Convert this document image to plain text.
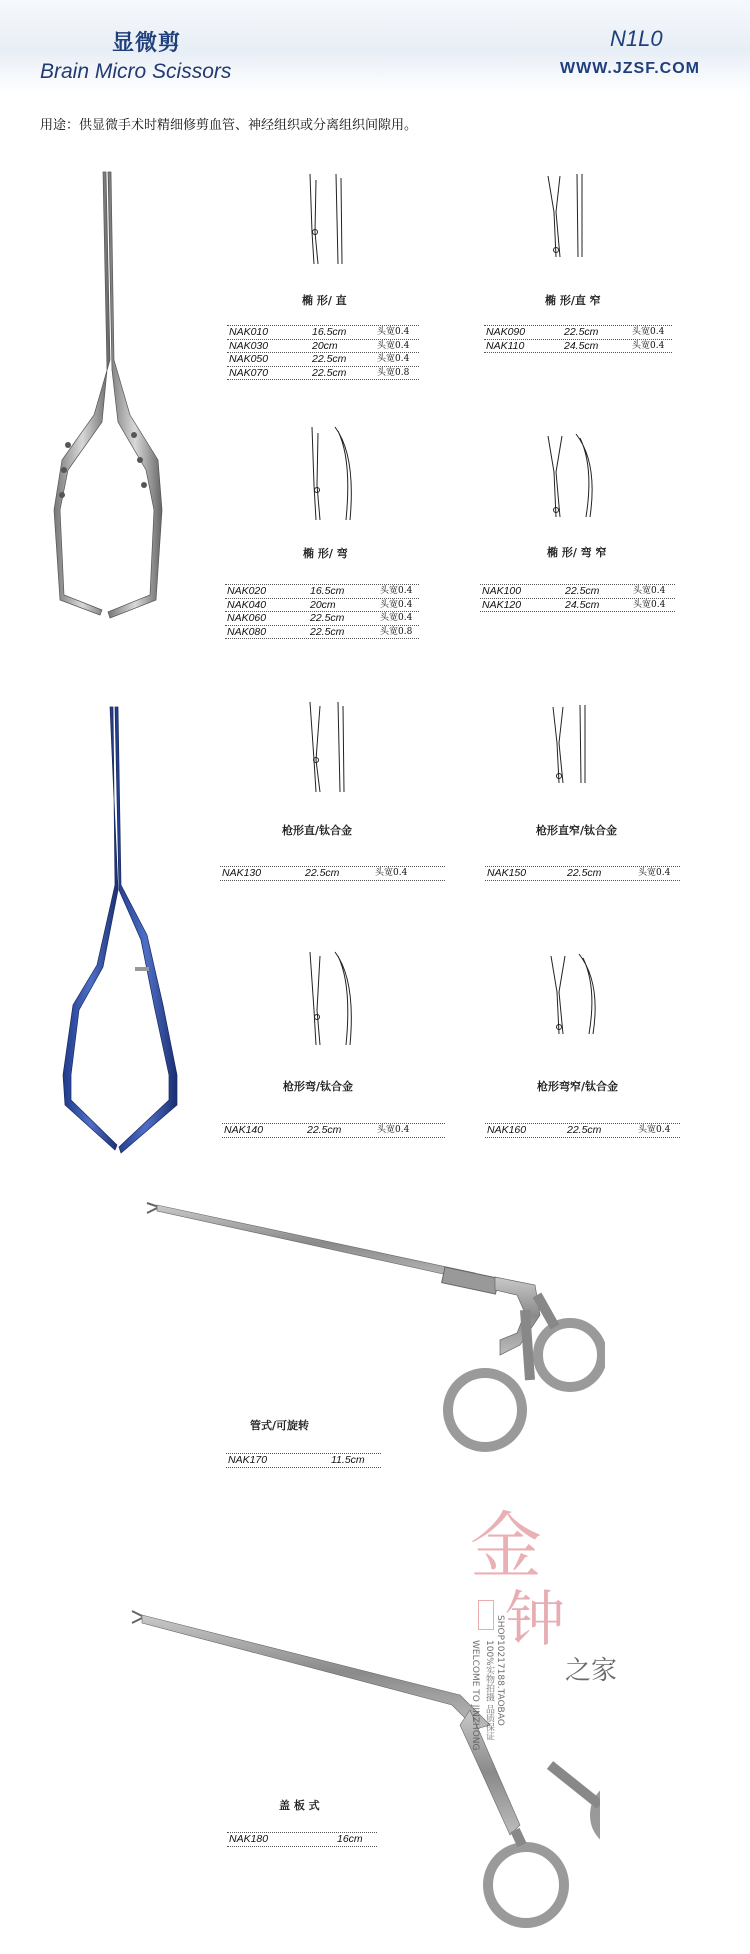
显微剪
Brain Micro Scissors
N1L0
WWW.JZSF.COM
用途：供显微手术时精细修剪血管、神经组织或分离组织间隙用。
椭 形/ 直	椭 形/直 窄
NAK010	16.5cm	头宽0.4
NAK030	20cm	头宽0.4
NAK050	22.5cm	头宽0.4
NAK070	22.5cm	头宽0.8
NAK090	22.5cm	头宽0.4
NAK110	24.5cm	头宽0.4
椭 形/ 弯	椭 形/ 弯 窄
NAK020	16.5cm	头宽0.4
NAK040	20cm	头宽0.4
NAK060	22.5cm	头宽0.4
NAK080	22.5cm	头宽0.8
NAK100	22.5cm	头宽0.4
NAK120	24.5cm	头宽0.4
枪形直/钛合金	枪形直窄/钛合金
NAK130	22.5cm	头宽0.4	NAK150	22.5cm	头宽0.4
枪形弯/钛合金	枪形弯窄/钛合金
NAK140	22.5cm	头宽0.4	NAK160	22.5cm	头宽0.4
管式/可旋转
NAK170	11.5cm
盖 板 式
NAK180	16cm
金
钟
之家
SHOP10217188.TAOBAO
WELCOME TO JINZHONG 100%实物拍摄 品质保证
